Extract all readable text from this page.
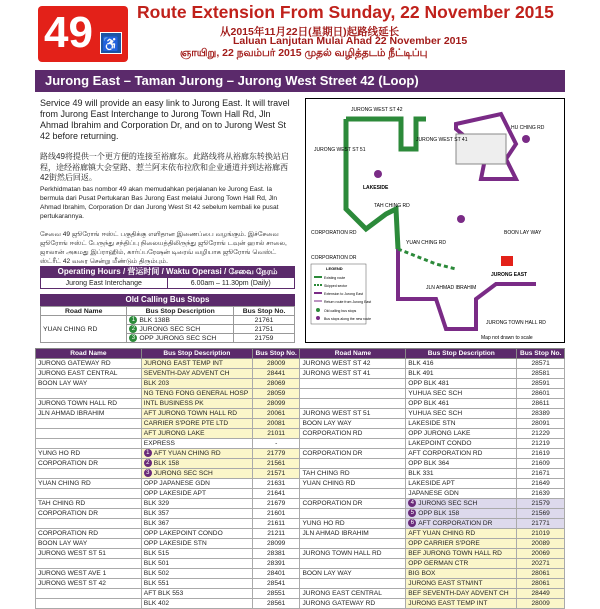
49 ♿
Route Extension From Sunday, 22 November 2015
从2015年11月22日(星期日)起路线延长
Laluan Lanjutan Mulai Ahad 22 November 2015
ஞாயிறு, 22 நவம்பர் 2015 முதல் வழித்தடம் நீட்டிப்பு
Jurong East – Taman Jurong – Jurong West Street 42 (Loop)
Service 49 will provide an easy link to Jurong East. It will travel from Jurong East Interchange to Jurong Town Hall Rd, Jln Ahmad Ibrahim and Corporation Dr, and on to Jurong West St 42 before returning.
路线49将提供一个更方便的连接至裕廊东。此路线将从裕廊东转换站启程，途经裕廊镇大会堂路、惹兰阿末依布拉欣和企业通道并到达裕廊西42街然后回返。
Perkhidmatan bas nombor 49 akan memudahkan perjalanan ke Jurong East. Ia bermula dari Pusat Pertukaran Bas Jurong East melalui Jurong Town Hall Rd, Jln Ahmad Ibrahim, Corporation Dr dan Jurong West St 42 sebelum kembali ke pusat pertukarannya.
சேவை 49 ஜூரோங் ஈஸ்ட் பகுதிக்கு எளிதான இணைப்பை வழங்கும். இச்சேவை ஜூரோங் ஈஸ்ட் பேருந்து சந்திப்பு நிலையத்திலிருந்து ஜூரோங் டவுன் ஹால் சாலை, ஜாலான் அகமது இப்ராஹிம், கார்ப்பரேஷன் டிரைவ் வழியாக ஜூரோங் வெஸ்ட் ஸ்ட்ரீட் 42 வரை சென்று மீண்டும் திரும்பும்.
Operating Hours / 营运时间 / Waktu Operasi / சேவை நேரம்
Jurong East Interchange	6.00am – 11.30pm (Daily)
Old Calling Bus Stops
Road Name	Bus Stop Description	Bus Stop No.
YUAN CHING RD	1 BLK 138B	21761
	2 JURONG SEC SCH	21751
	3 OPP JURONG SEC SCH	21759
JURONG WEST ST 42
JURONG WEST ST 51
JURONG WEST ST 41
HU CHING RD
LAKESIDE
TAH CHING RD
CORPORATION RD
CORPORATION DR
YUAN CHING RD
BOON LAY WAY
JURONG EAST
JLN AHMAD IBRAHIM
JURONG TOWN HALL RD
LEGEND
Existing route
Skipped sector
Extension to Jurong East
Return route from Jurong East
Old calling bus stops
Bus stops along the new route
Map not drawn to scale
Road Name	Bus Stop Description	Bus Stop No.	Road Name	Bus Stop Description	Bus Stop No.
JURONG GATEWAY RD	JURONG EAST TEMP INT	28009	JURONG WEST ST 42	BLK 416	28571
JURONG EAST CENTRAL	SEVENTH-DAY ADVENT CH	28441	JURONG WEST ST 41	BLK 491	28581
BOON LAY WAY	BLK 203	28069		OPP BLK 481	28591
	NG TENG FONG GENERAL HOSP	28059		YUHUA SEC SCH	28601
JURONG TOWN HALL RD	INTL BUSINESS PK	28099		OPP BLK 461	28611
JLN AHMAD IBRAHIM	AFT JURONG TOWN HALL RD	20061	JURONG WEST ST 51	YUHUA SEC SCH	28389
	CARRIER S'PORE PTE LTD	20081	BOON LAY WAY	LAKESIDE STN	28091
	AFT JURONG LAKE	21011	CORPORATION RD	OPP JURONG LAKE	21229
	EXPRESS	-		LAKEPOINT CONDO	21219
YUNG HO RD	1 AFT YUAN CHING RD	21779	CORPORATION DR	AFT CORPORATION RD	21619
CORPORATION DR	2 BLK 158	21561		OPP BLK 364	21609
	3 JURONG SEC SCH	21571	TAH CHING RD	BLK 331	21671
YUAN CHING RD	OPP JAPANESE GDN	21631	YUAN CHING RD	LAKESIDE APT	21649
	OPP LAKESIDE APT	21641		JAPANESE GDN	21639
TAH CHING RD	BLK 329	21679	CORPORATION DR	4 JURONG SEC SCH	21579
CORPORATION DR	BLK 357	21601		5 OPP BLK 158	21569
	BLK 367	21611	YUNG HO RD	6 AFT CORPORATION DR	21771
CORPORATION RD	OPP LAKEPOINT CONDO	21211	JLN AHMAD IBRAHIM	AFT YUAN CHING RD	21019
BOON LAY WAY	OPP LAKESIDE STN	28099		OPP CARRIER S'PORE	20089
JURONG WEST ST 51	BLK 515	28381	JURONG TOWN HALL RD	BEF JURONG TOWN HALL RD	20069
	BLK 501	28391		OPP GERMAN CTR	20271
JURONG WEST AVE 1	BLK 502	28401	BOON LAY WAY	BIG BOX	28061
JURONG WEST ST 42	BLK 551	28541		JURONG EAST STN/INT	28061
	AFT BLK 553	28551	JURONG EAST CENTRAL	BEF SEVENTH-DAY ADVENT CH	28449
	BLK 402	28561	JURONG GATEWAY RD	JURONG EAST TEMP INT	28009
